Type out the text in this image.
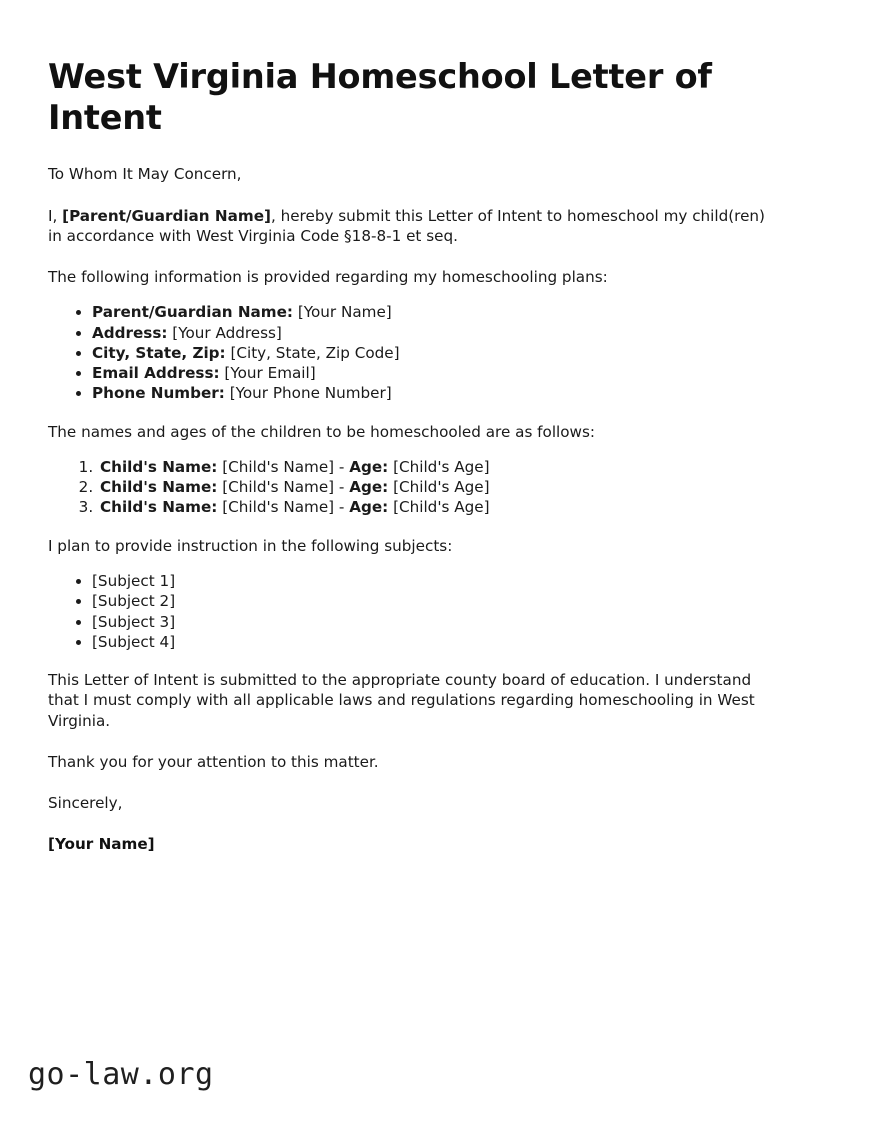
West Virginia Homeschool Letter of Intent

To Whom It May Concern,

I, [Parent/Guardian Name], hereby submit this Letter of Intent to homeschool my child(ren) in accordance with West Virginia Code §18-8-1 et seq.

The following information is provided regarding my homeschooling plans:

• Parent/Guardian Name: [Your Name]
• Address: [Your Address]
• City, State, Zip: [City, State, Zip Code]
• Email Address: [Your Email]
• Phone Number: [Your Phone Number]

The names and ages of the children to be homeschooled are as follows:

1. Child's Name: [Child's Name] - Age: [Child's Age]
2. Child's Name: [Child's Name] - Age: [Child's Age]
3. Child's Name: [Child's Name] - Age: [Child's Age]

I plan to provide instruction in the following subjects:

• [Subject 1]
• [Subject 2]
• [Subject 3]
• [Subject 4]

This Letter of Intent is submitted to the appropriate county board of education. I understand that I must comply with all applicable laws and regulations regarding homeschooling in West Virginia.

Thank you for your attention to this matter.

Sincerely,

[Your Name]

go-law.org
